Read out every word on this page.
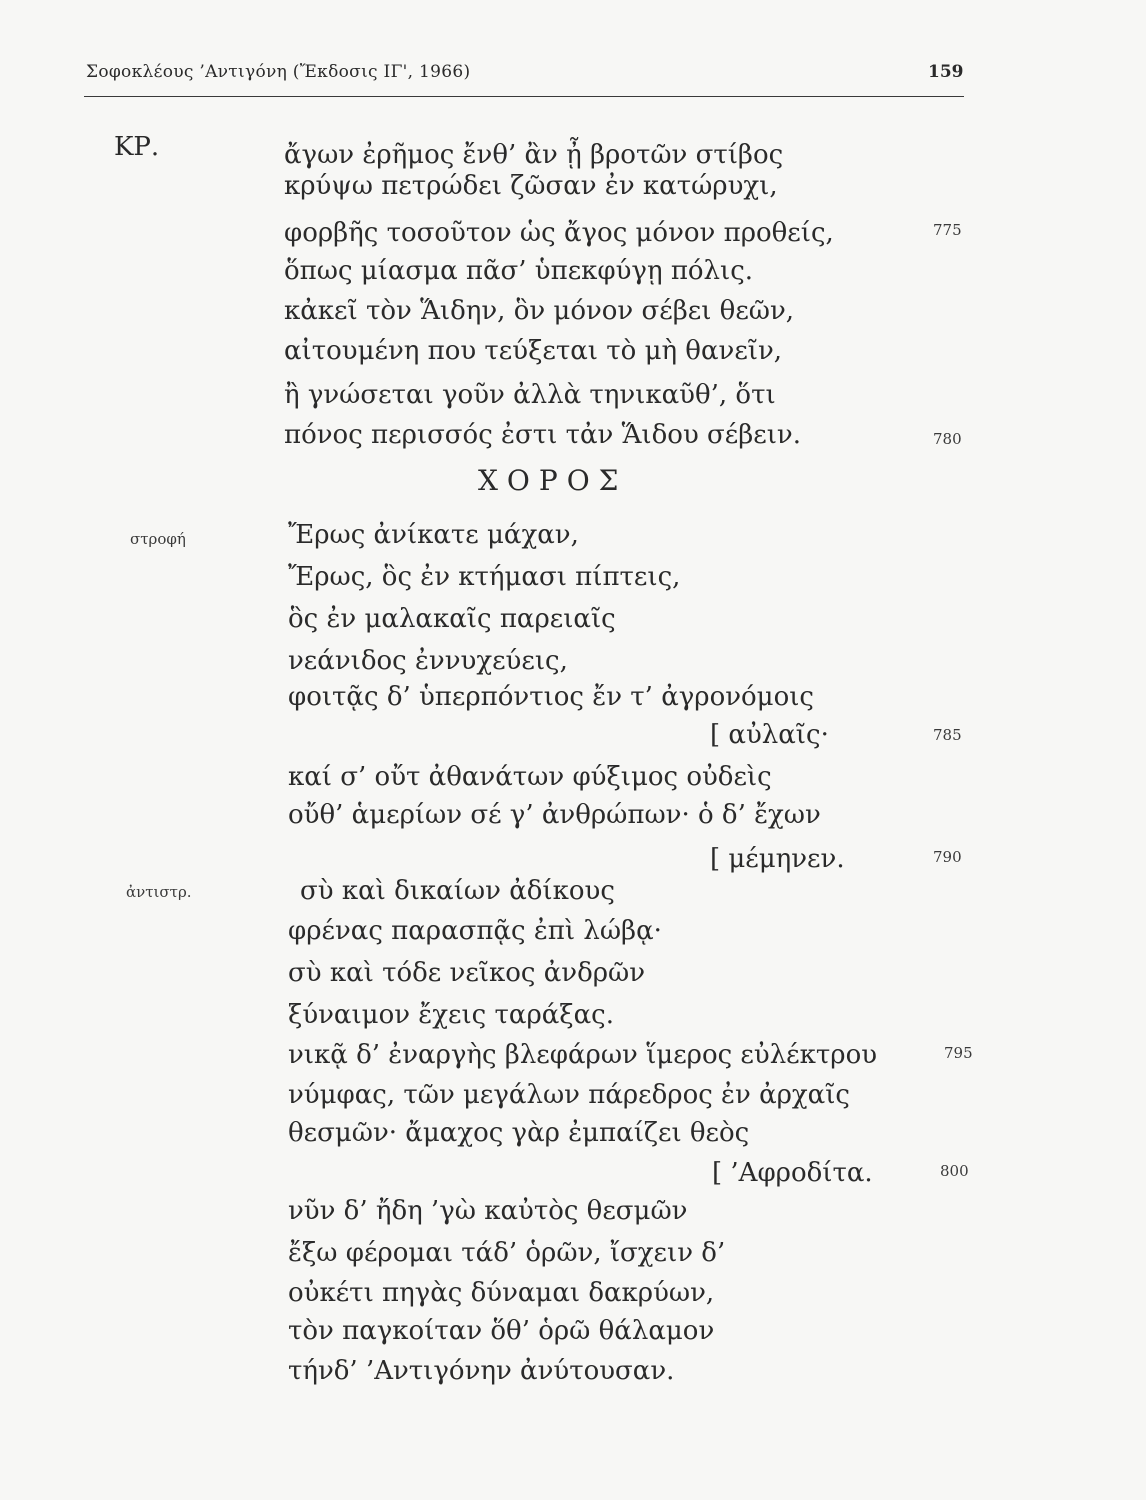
Σοφοκλέους ’Αντιγόνη (Ἔκδοσις ΙΓ', 1966)	159
ΚΡ.	ἄγων ἐρῆμος ἔνθ’ ἂν ᾖ βροτῶν στίβος
κρύψω πετρώδει ζῶσαν ἐν κατώρυχι,
φορβῆς τοσοῦτον ὡς ἄγος μόνον προθείς,	775
ὅπως μίασμα πᾶσ’ ὑπεκφύγῃ πόλις.
κἀκεῖ τὸν Ἅιδην, ὃν μόνον σέβει θεῶν,
αἰτουμένη που τεύξεται τὸ μὴ θανεῖν,
ἢ γνώσεται γοῦν ἀλλὰ τηνικαῦθ’, ὅτι
πόνος περισσός ἐστι τἀν Ἅιδου σέβειν.	780
ΧΟΡΟΣ
στροφή	Ἔρως ἀνίκατε μάχαν,
Ἔρως, ὃς ἐν κτήμασι πίπτεις,
ὃς ἐν μαλακαῖς παρειαῖς
νεάνιδος ἐννυχεύεις,
φοιτᾷς δ’ ὑπερπόντιος ἔν τ’ ἀγρονόμοις
[ αὐλαῖς·	785
καί σ’ οὔτ ἀθανάτων φύξιμος οὐδεὶς
οὔθ’ ἁμερίων σέ γ’ ἀνθρώπων· ὁ δ’ ἔχων
[ μέμηνεν.	790
ἀντιστρ.	σὺ καὶ δικαίων ἀδίκους
φρένας παρασπᾷς ἐπὶ λώβᾳ·
σὺ καὶ τόδε νεῖκος ἀνδρῶν
ξύναιμον ἔχεις ταράξας.
νικᾷ δ’ ἐναργὴς βλεφάρων ἵμερος εὐλέκτρου	795
νύμφας, τῶν μεγάλων πάρεδρος ἐν ἀρχαῖς
θεσμῶν· ἄμαχος γὰρ ἐμπαίζει θεὸς
[ ’Αφροδίτα.	800
νῦν δ’ ἤδη ’γὼ καὐτὸς θεσμῶν
ἔξω φέρομαι τάδ’ ὁρῶν, ἴσχειν δ’
οὐκέτι πηγὰς δύναμαι δακρύων,
τὸν παγκοίταν ὅθ’ ὁρῶ θάλαμον
τήνδ’ ’Αντιγόνην ἀνύτουσαν.
